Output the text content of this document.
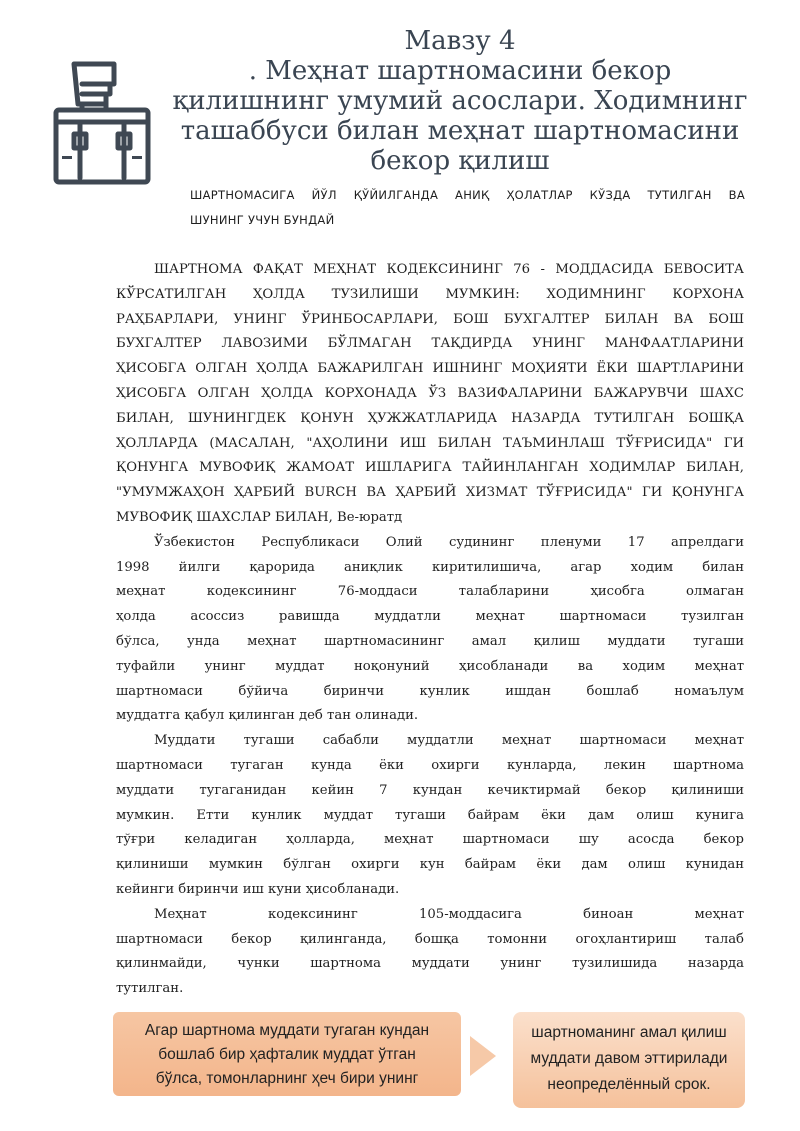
Мавзу 4

. Меҳнат шартномасини бекор

қилишнинг умумий асослари. Ходимнинг

ташаббуси билан меҳнат шартномасини

бекор қилиш

ШАРТНОМАСИГА ЙЎЛ ҚЎЙИЛГАНДА АНИҚ ҲОЛАТЛАР КЎЗДА ТУТИЛГАН ВА
ШУНИНГ УЧУН БУНДАЙ
ШАРТНОМА ФАҚАТ МЕҲНАТ КОДЕКСИНИНГ 76 - МОДДАСИДА БЕВОСИТА
КЎРСАТИЛГАН ҲОЛДА ТУЗИЛИШИ МУМКИН: ХОДИМНИНГ КОРХОНА
РАҲБАРЛАРИ, УНИНГ ЎРИНБОСАРЛАРИ, БОШ БУХГАЛТЕР БИЛАН ВА БОШ
БУХГАЛТЕР ЛАВОЗИМИ БЎЛМАГАН ТАҚДИРДА УНИНГ МАНФААТЛАРИНИ
ҲИСОБГА ОЛГАН ҲОЛДА БАЖАРИЛГАН ИШНИНГ МОҲИЯТИ ЁКИ ШАРТЛАРИНИ
ҲИСОБГА ОЛГАН ҲОЛДА КОРХОНАДА ЎЗ ВАЗИФАЛАРИНИ БАЖАРУВЧИ ШАХС
БИЛАН, ШУНИНГДЕК ҚОНУН ҲУЖЖАТЛАРИДА НАЗАРДА ТУТИЛГАН БОШҚА
ҲОЛЛАРДА (МАСАЛАН, "АҲОЛИНИ ИШ БИЛАН ТАЪМИНЛАШ ТЎҒРИСИДА" ГИ
ҚОНУНГА МУВОФИҚ ЖАМОАТ ИШЛАРИГА ТАЙИНЛАНГАН ХОДИМЛАР БИЛАН,
"УМУМЖАҲОН ҲАРБИЙ BURCH ВА ҲАРБИЙ ХИЗМАТ ТЎҒРИСИДА" ГИ ҚОНУНГА
МУВОФИҚ ШАХСЛАР БИЛАН, Ве-юратд
Ўзбекистон Республикаси Олий судининг пленуми 17 апрелдаги
1998 йилги қарорида аниқлик киритилишича, агар ходим билан
меҳнат кодексининг 76-моддаси талабларини ҳисобга олмаган
ҳолда асоссиз равишда муддатли меҳнат шартномаси тузилган
бўлса, унда меҳнат шартномасининг амал қилиш муддати тугаши
туфайли унинг муддат ноқонуний ҳисобланади ва ходим меҳнат
шартномаси бўйича биринчи кунлик ишдан бошлаб номаълум
муддатга қабул қилинган деб тан олинади.
Муддати тугаши сабабли муддатли меҳнат шартномаси меҳнат
шартномаси тугаган кунда ёки охирги кунларда, лекин шартнома
муддати тугаганидан кейин 7 кундан кечиктирмай бекор қилиниши
мумкин. Етти кунлик муддат тугаши байрам ёки дам олиш кунига
тўғри келадиган ҳолларда, меҳнат шартномаси шу асосда бекор
қилиниши мумкин бўлган охирги кун байрам ёки дам олиш кунидан
кейинги биринчи иш куни ҳисобланади.
Меҳнат кодексининг 105-моддасига биноан меҳнат
шартномаси бекор қилинганда, бошқа томонни огоҳлантириш талаб
қилинмайди, чунки шартнома муддати унинг тузилишида назарда
тутилган.
Агар шартнома муддати тугаган кундан
бошлаб бир ҳафталик муддат ўтган
бўлса, томонларнинг ҳеч бири унинг
шартноманинг амал қилиш
муддати давом эттирилади
неопределённый срок.
